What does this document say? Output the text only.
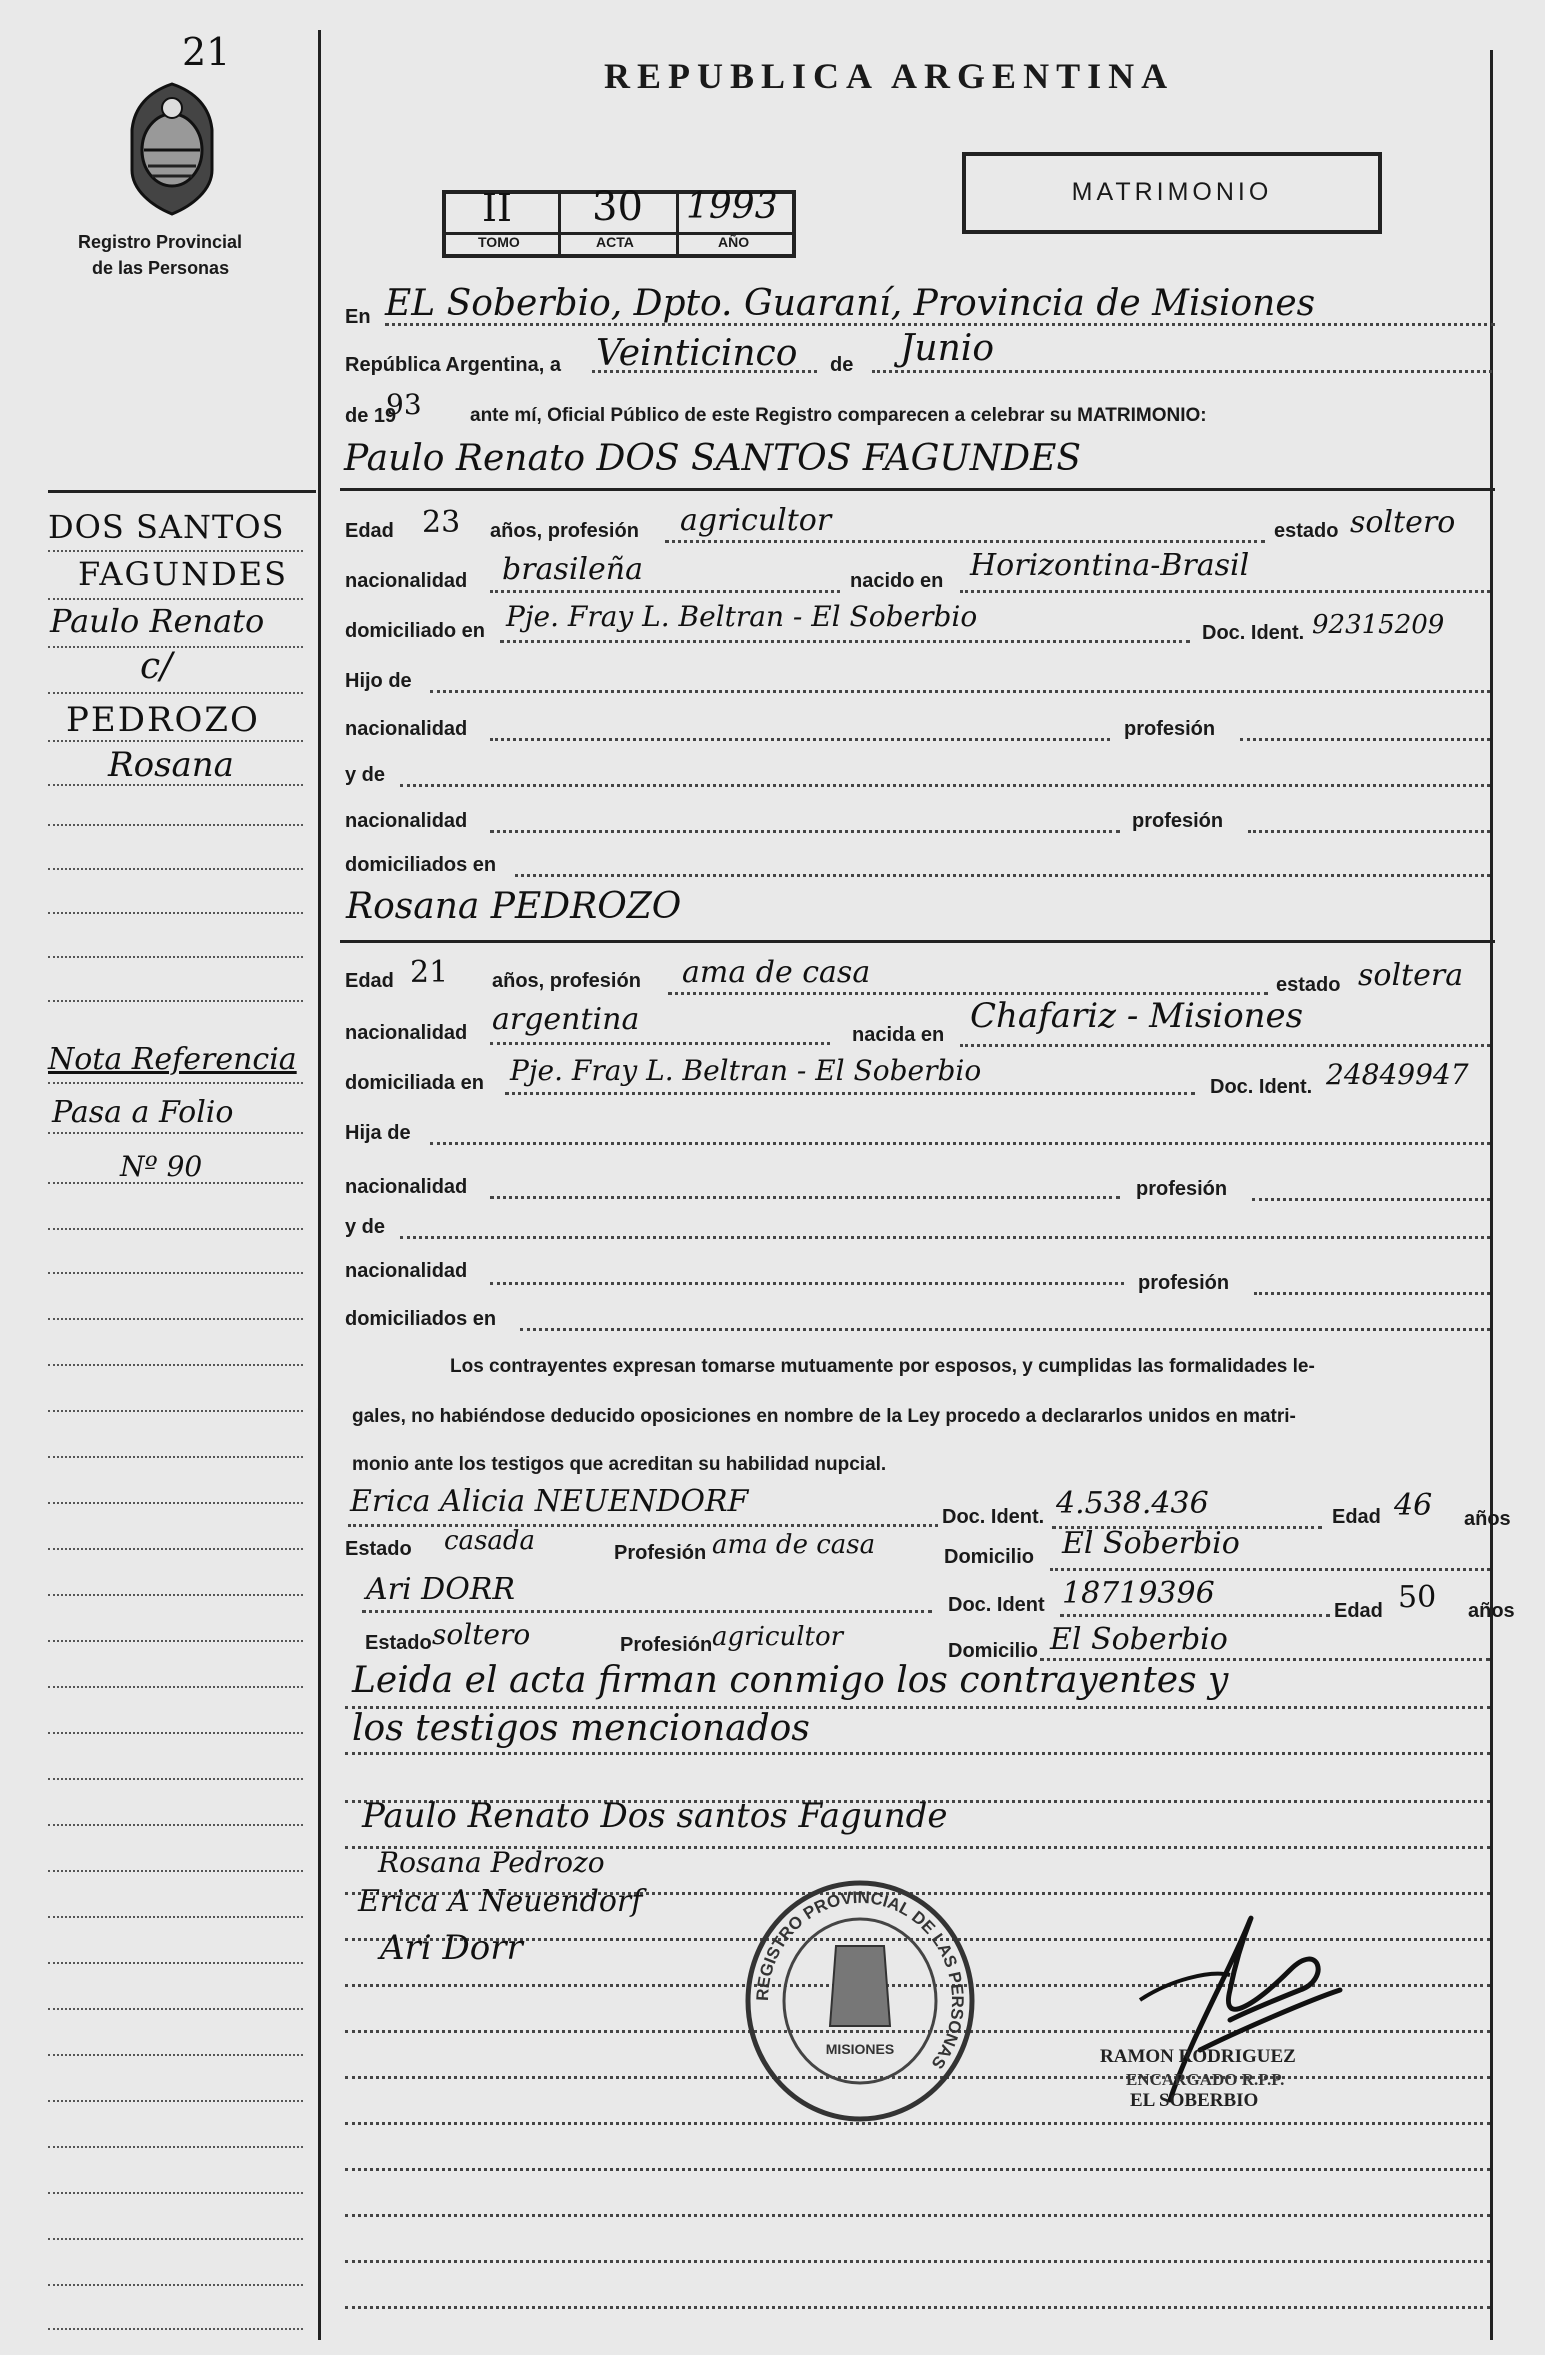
21
Registro Provincial
de las Personas
DOS SANTOS
FAGUNDES
Paulo Renato
c/
PEDROZO
Rosana
Nota Referencia
Pasa a Folio
Nº 90
REPUBLICA ARGENTINA
II 30 1993
TOMO	ACTA	AÑO
MATRIMONIO
En EL Soberbio, Dpto. Guaraní, Provincia de Misiones
República Argentina, a Veinticinco de Junio
de 19
93	ante mí, Oficial Público de este Registro comparecen a celebrar su MATRIMONIO:
Paulo Renato DOS SANTOS FAGUNDES
Edad 23 años, profesión agricultor	estado soltero
nacionalidad brasileña	nacido en Horizontina-Brasil
domiciliado en Pje. Fray L. Beltran - El Soberbio	Doc. Ident. 92315209
Hijo de
nacionalidad	profesión
y de
nacionalidad	profesión
domiciliados en
Rosana PEDROZO
Edad 21 años, profesión ama de casa	estado soltera
nacionalidad argentina	nacida en Chafariz - Misiones
domiciliada en Pje. Fray L. Beltran - El Soberbio	Doc. Ident. 24849947
Hija de
nacionalidad	profesión
y de
nacionalidad
profesión
domiciliados en
Los contrayentes expresan tomarse mutuamente por esposos, y cumplidas las formalidades le-
gales, no habiéndose deducido oposiciones en nombre de la Ley procedo a declararlos unidos en matri-
monio ante los testigos que acreditan su habilidad nupcial.
Erica Alicia NEUENDORF	Doc. Ident. 4.538.436	Edad 46 años
Estado casada	Profesión ama de casa	Domicilio El Soberbio
Ari DORR	Doc. Ident 18719396	Edad 50 años
Estado soltero	Profesión agricultor	Domicilio El Soberbio
Leida el acta firman conmigo los contrayentes y
los testigos mencionados
Paulo Renato Dos santos Fagunde
Rosana Pedrozo
Erica A Neuendorf
Ari Dorr
REGISTRO PROVINCIAL DE LAS PERSONAS
MISIONES	RAMON RODRIGUEZ
ENCARGADO R.P.P.
EL SOBERBIO
